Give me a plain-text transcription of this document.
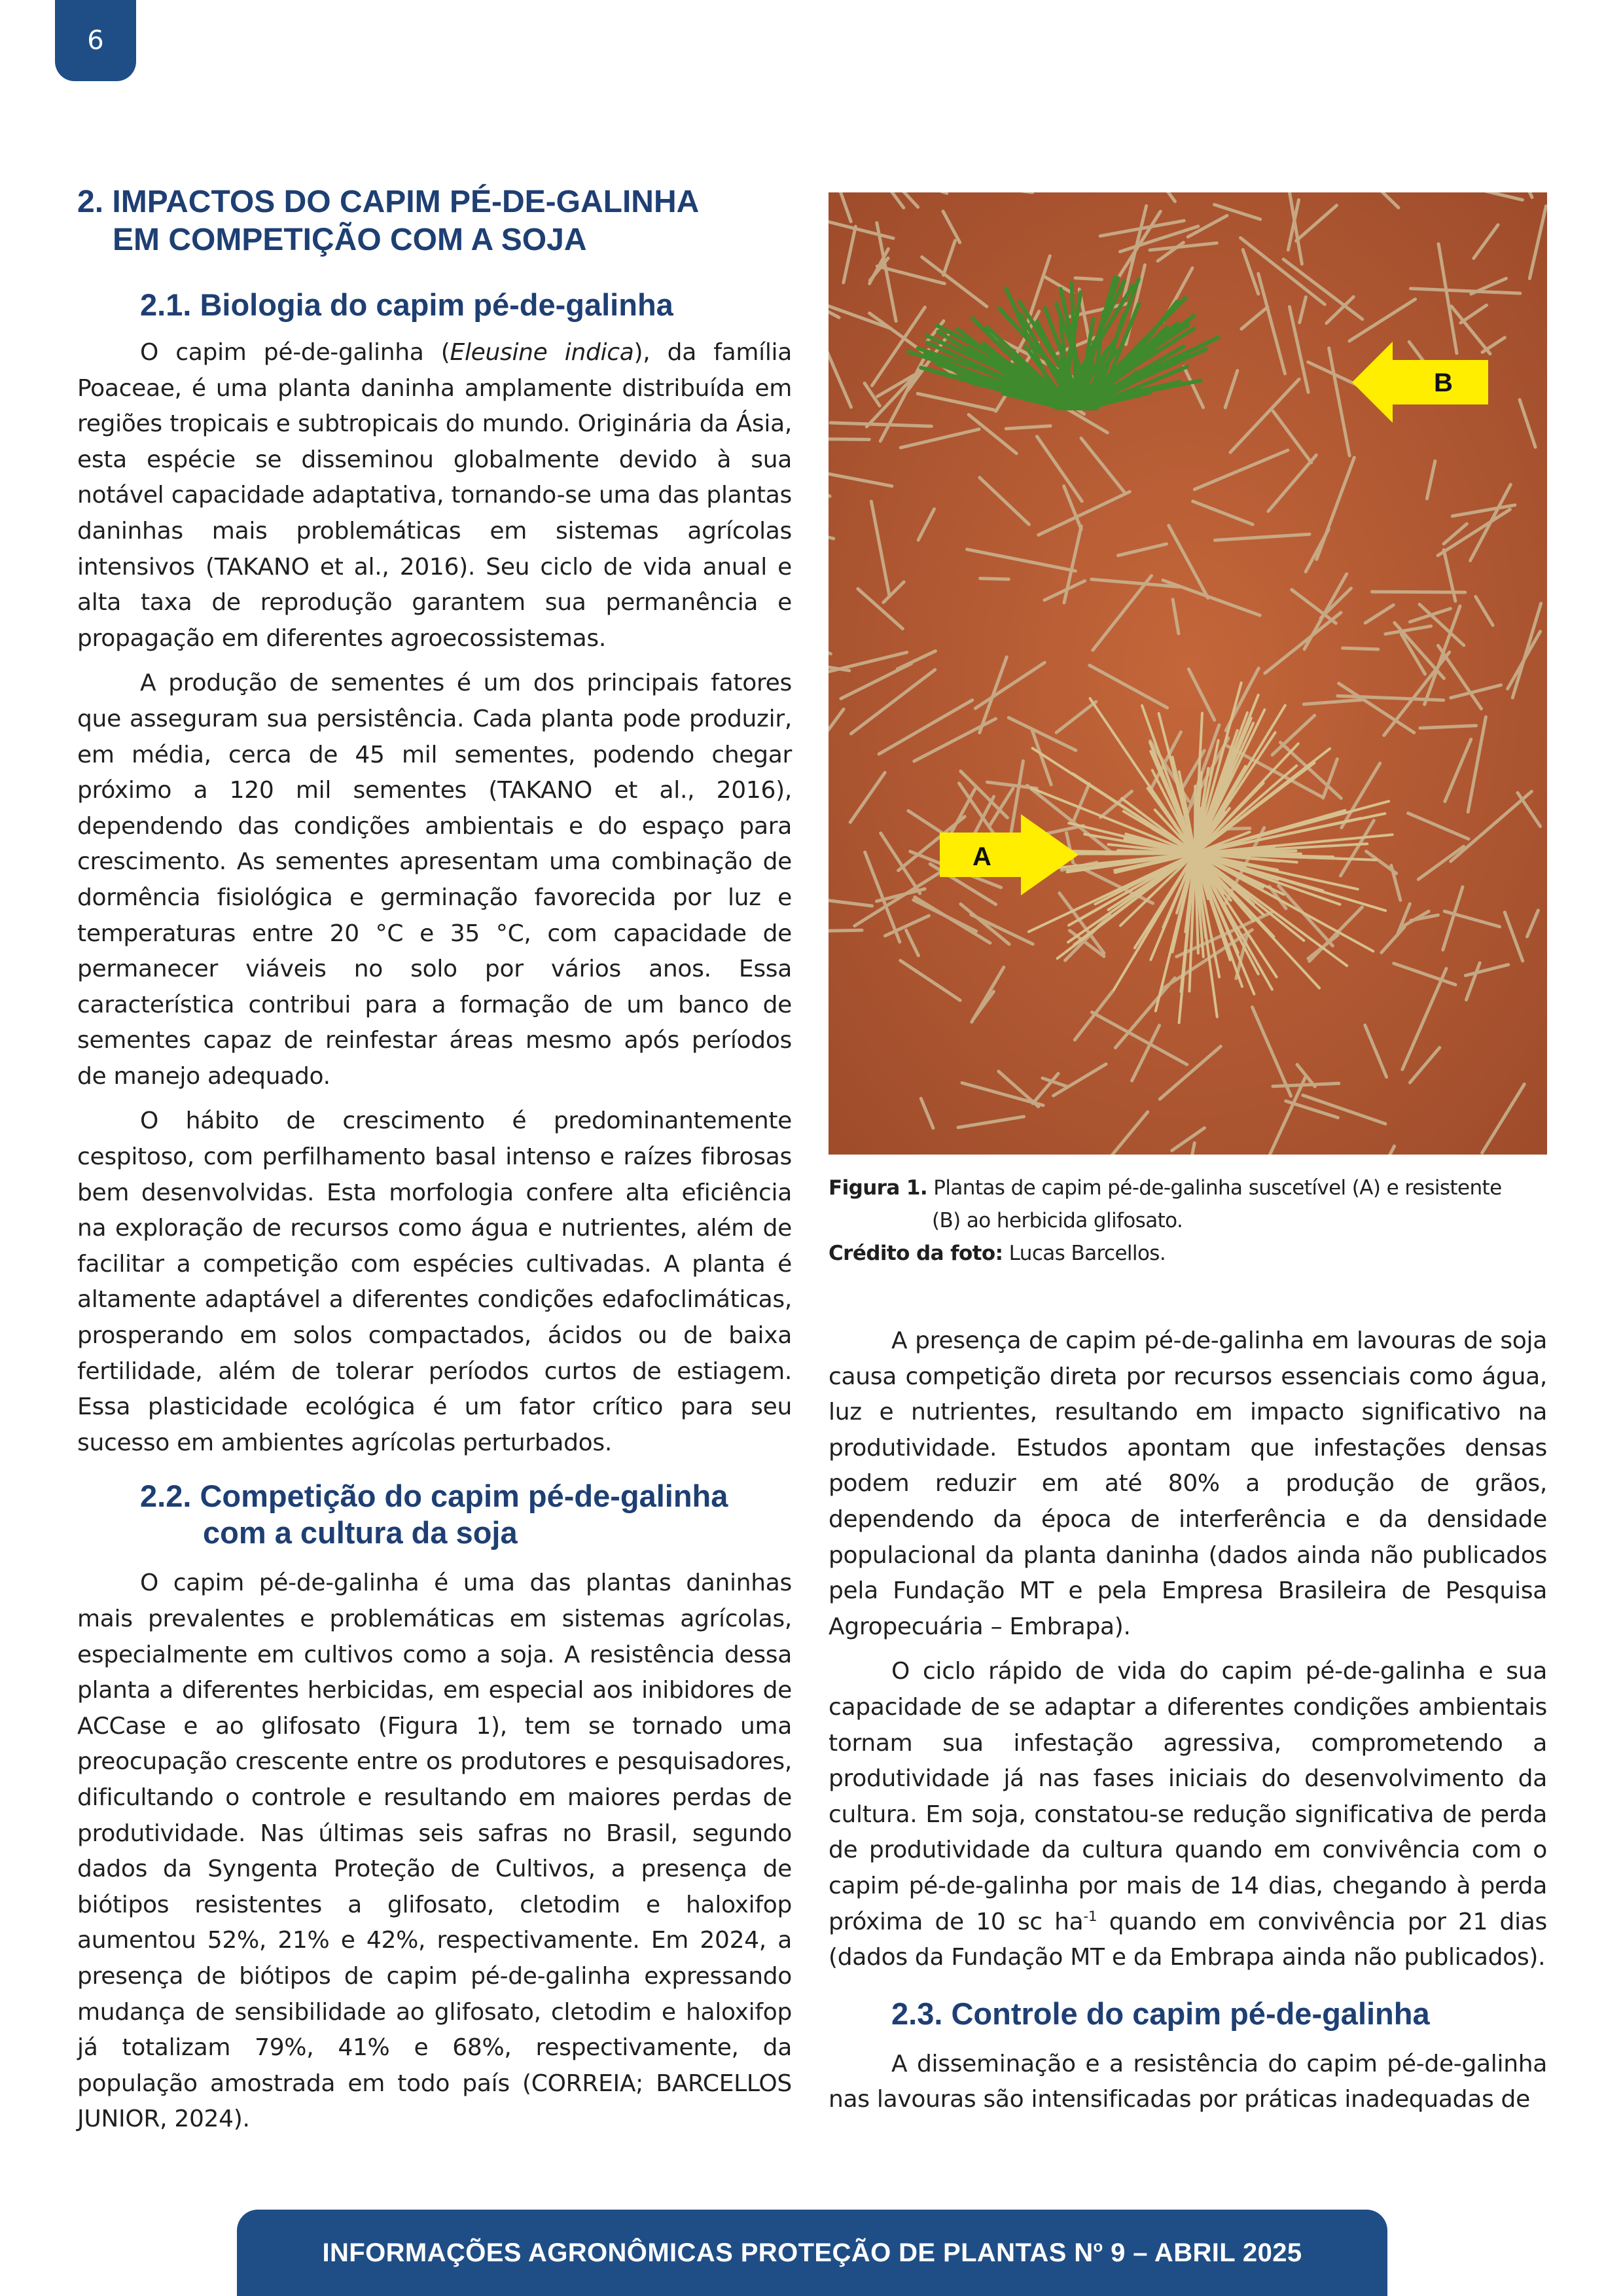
6
2. IMPACTOS DO CAPIM PÉ-DE-GALINHA
EM COMPETIÇÃO COM A SOJA
2.1. Biologia do capim pé-de-galinha

O capim pé-de-galinha (Eleusine indica), da família Poaceae, é uma planta daninha amplamente distribuída em regiões tropicais e subtropicais do mundo. Originária da Ásia, esta espécie se disseminou globalmente devido à sua notável capacidade adaptativa, tornando-se uma das plantas daninhas mais problemáticas em sistemas agrícolas intensivos (TAKANO et al., 2016). Seu ciclo de vida anual e alta taxa de reprodução garantem sua permanência e propagação em diferentes agroecossistemas.

A produção de sementes é um dos principais fatores que asseguram sua persistência. Cada planta pode produzir, em média, cerca de 45 mil sementes, podendo chegar próximo a 120 mil sementes (TAKANO et al., 2016), dependendo das condições ambientais e do espaço para crescimento. As sementes apresentam uma combinação de dormência fisiológica e germinação favorecida por luz e temperaturas entre 20 °C e 35 °C, com capacidade de permanecer viáveis no solo por vários anos. Essa característica contribui para a formação de um banco de sementes capaz de reinfestar áreas mesmo após períodos de manejo adequado.

O hábito de crescimento é predominantemente cespitoso, com perfilhamento basal intenso e raízes fibrosas bem desenvolvidas. Esta morfologia confere alta eficiência na exploração de recursos como água e nutrientes, além de facilitar a competição com espécies cultivadas. A planta é altamente adaptável a diferentes condições edafoclimáticas, prosperando em solos compactados, ácidos ou de baixa fertilidade, além de tolerar períodos curtos de estiagem. Essa plasticidade ecológica é um fator crítico para seu sucesso em ambientes agrícolas perturbados.

2.2. Competição do capim pé-de-galinha
com a cultura da soja

O capim pé-de-galinha é uma das plantas daninhas mais prevalentes e problemáticas em sistemas agrícolas, especialmente em cultivos como a soja. A resistência dessa planta a diferentes herbicidas, em especial aos inibidores de ACCase e ao glifosato (Figura 1), tem se tornado uma preocupação crescente entre os produtores e pesquisadores, dificultando o controle e resultando em maiores perdas de produtividade. Nas últimas seis safras no Brasil, segundo dados da Syngenta Proteção de Cultivos, a presença de biótipos resistentes a glifosato, cletodim e haloxifop aumentou 52%, 21% e 42%, respectivamente. Em 2024, a presença de biótipos de capim pé-de-galinha expressando mudança de sensibilidade ao glifosato, cletodim e haloxifop já totalizam 79%, 41% e 68%, respectivamente, da população amostrada em todo país (CORREIA; BARCELLOS JUNIOR, 2024).

B
A
Figura 1. Plantas de capim pé-de-galinha suscetível (A) e resistente
(B) ao herbicida glifosato.
Crédito da foto: Lucas Barcellos.

A presença de capim pé-de-galinha em lavouras de soja causa competição direta por recursos essenciais como água, luz e nutrientes, resultando em impacto significativo na produtividade. Estudos apontam que infestações densas podem reduzir em até 80% a produção de grãos, dependendo da época de interferência e da densidade populacional da planta daninha (dados ainda não publicados pela Fundação MT e pela Empresa Brasileira de Pesquisa Agropecuária – Embrapa).

O ciclo rápido de vida do capim pé-de-galinha e sua capacidade de se adaptar a diferentes condições ambientais tornam sua infestação agressiva, comprometendo a produtividade já nas fases iniciais do desenvolvimento da cultura. Em soja, constatou-se redução significativa de perda de produtividade da cultura quando em convivência com o capim pé-de-galinha por mais de 14 dias, chegando à perda próxima de 10 sc $ha^{-1}$ quando em convivência por 21 dias (dados da Fundação MT e da Embrapa ainda não publicados).

2.3. Controle do capim pé-de-galinha

A disseminação e a resistência do capim pé-de-galinha nas lavouras são intensificadas por práticas inadequadas de

INFORMAÇÕES AGRONÔMICAS PROTEÇÃO DE PLANTAS $N^o$ 9 – ABRIL 2025
